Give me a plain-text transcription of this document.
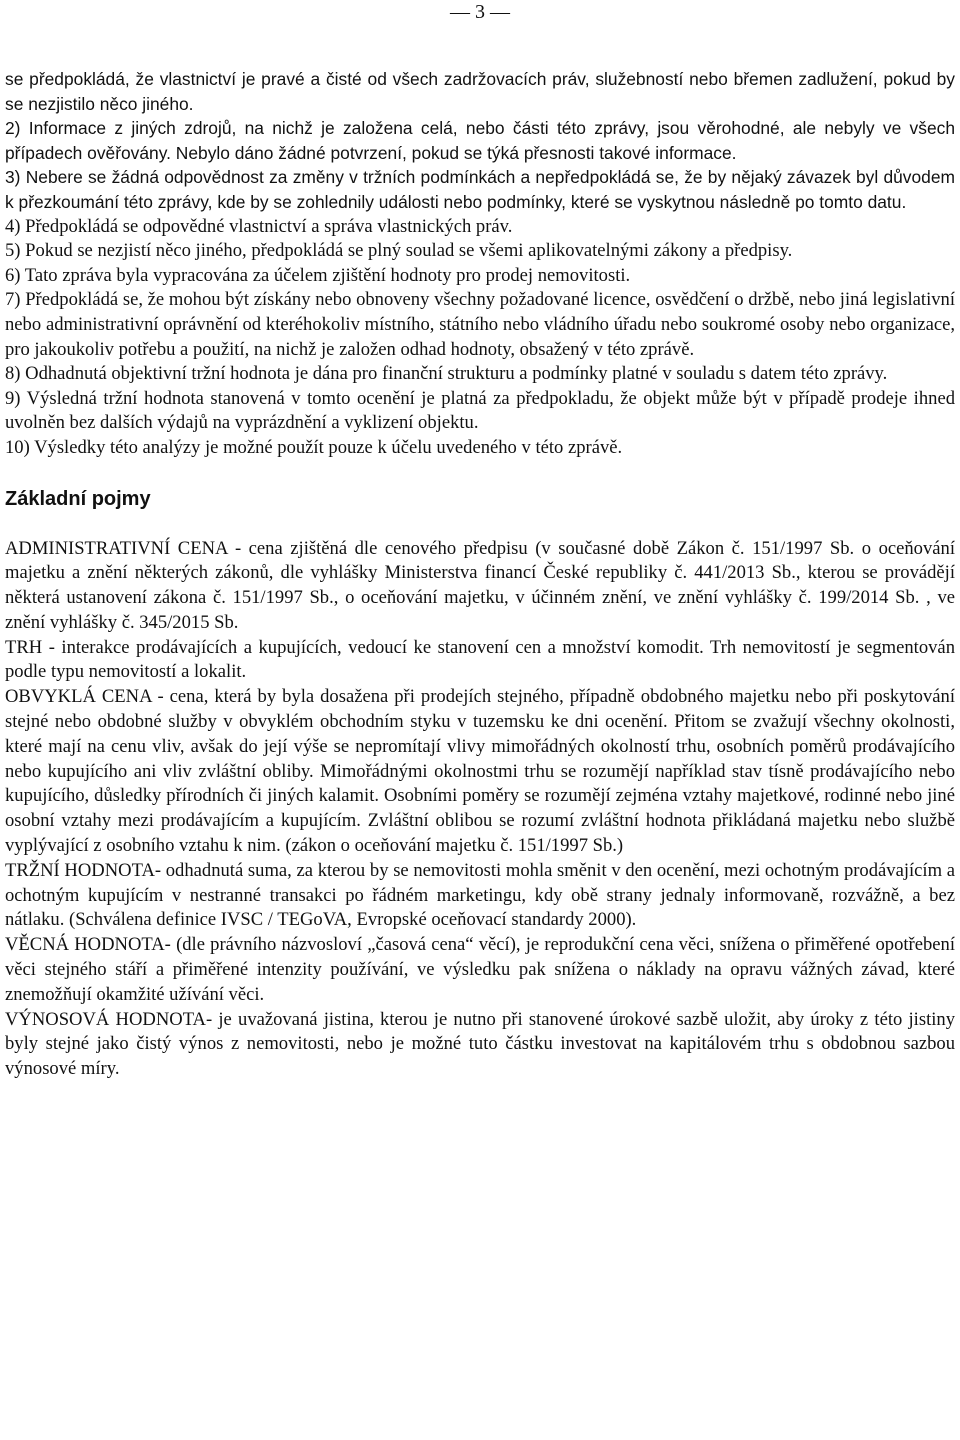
— 3 —

se předpokládá, že vlastnictví je pravé a čisté od všech zadržovacích práv, služebností nebo břemen zadlužení, pokud by se nezjistilo něco jiného.

2) Informace z jiných zdrojů, na nichž je založena celá, nebo části této zprávy, jsou věrohodné, ale nebyly ve všech případech ověřovány. Nebylo dáno žádné potvrzení, pokud se týká přesnosti takové informace.

3) Nebere se žádná odpovědnost za změny v tržních podmínkách a nepředpokládá se, že by nějaký závazek byl důvodem k přezkoumání této zprávy, kde by se zohlednily události nebo podmínky, které se vyskytnou následně po tomto datu.

4) Předpokládá se odpovědné vlastnictví a správa vlastnických práv.

5) Pokud se nezjistí něco jiného, předpokládá se plný soulad se všemi aplikovatelnými zákony a předpisy.

6) Tato zpráva byla vypracována za účelem zjištění hodnoty pro prodej nemovitosti.

7) Předpokládá se, že mohou být získány nebo obnoveny všechny požadované licence, osvědčení o držbě, nebo jiná legislativní nebo administrativní oprávnění od kteréhokoliv místního, státního nebo vládního úřadu nebo soukromé osoby nebo organizace, pro jakoukoliv potřebu a použití, na nichž je založen odhad hodnoty, obsažený v této zprávě.

8) Odhadnutá objektivní tržní hodnota je dána pro finanční strukturu a podmínky platné v souladu s datem této zprávy.

9) Výsledná tržní hodnota stanovená v tomto ocenění je platná za předpokladu, že objekt může být v případě prodeje ihned uvolněn bez dalších výdajů na vyprázdnění a vyklizení objektu.

10) Výsledky této analýzy je možné použít pouze k účelu uvedeného v této zprávě.

Základní pojmy

ADMINISTRATIVNÍ CENA - cena zjištěná dle cenového předpisu (v současné době Zákon č. 151/1997 Sb. o oceňování majetku a znění některých zákonů, dle vyhlášky Ministerstva financí České republiky č. 441/2013 Sb., kterou se provádějí některá ustanovení zákona č. 151/1997 Sb., o oceňování majetku, v účinném znění, ve znění vyhlášky č. 199/2014 Sb. , ve znění vyhlášky č. 345/2015 Sb.

TRH - interakce prodávajících a kupujících, vedoucí ke stanovení cen a množství komodit. Trh nemovitostí je segmentován podle typu nemovitostí a lokalit.

OBVYKLÁ CENA - cena, která by byla dosažena při prodejích stejného, případně obdobného majetku nebo při poskytování stejné nebo obdobné služby v obvyklém obchodním styku v tuzemsku ke dni ocenění. Přitom se zvažují všechny okolnosti, které mají na cenu vliv, avšak do její výše se nepromítají vlivy mimořádných okolností trhu, osobních poměrů prodávajícího nebo kupujícího ani vliv zvláštní obliby. Mimořádnými okolnostmi trhu se rozumějí například stav tísně prodávajícího nebo kupujícího, důsledky přírodních či jiných kalamit. Osobními poměry se rozumějí zejména vztahy majetkové, rodinné nebo jiné osobní vztahy mezi prodávajícím a kupujícím. Zvláštní oblibou se rozumí zvláštní hodnota přikládaná majetku nebo službě vyplývající z osobního vztahu k nim. (zákon o oceňování majetku č. 151/1997 Sb.)

TRŽNÍ HODNOTA- odhadnutá suma, za kterou by se nemovitosti mohla směnit v den ocenění, mezi ochotným prodávajícím a ochotným kupujícím v nestranné transakci po řádném marketingu, kdy obě strany jednaly informovaně, rozvážně, a bez nátlaku. (Schválena definice IVSC / TEGoVA, Evropské oceňovací standardy 2000).

VĚCNÁ HODNOTA- (dle právního názvosloví „časová cena“ věcí), je reprodukční cena věci, snížena o přiměřené opotřebení věci stejného stáří a přiměřené intenzity používání, ve výsledku pak snížena o náklady na opravu vážných závad, které znemožňují okamžité užívání věci.

VÝNOSOVÁ HODNOTA- je uvažovaná jistina, kterou je nutno při stanovené úrokové sazbě uložit, aby úroky z této jistiny byly stejné jako čistý výnos z nemovitosti, nebo je možné tuto částku investovat na kapitálovém trhu s obdobnou sazbou výnosové míry.
